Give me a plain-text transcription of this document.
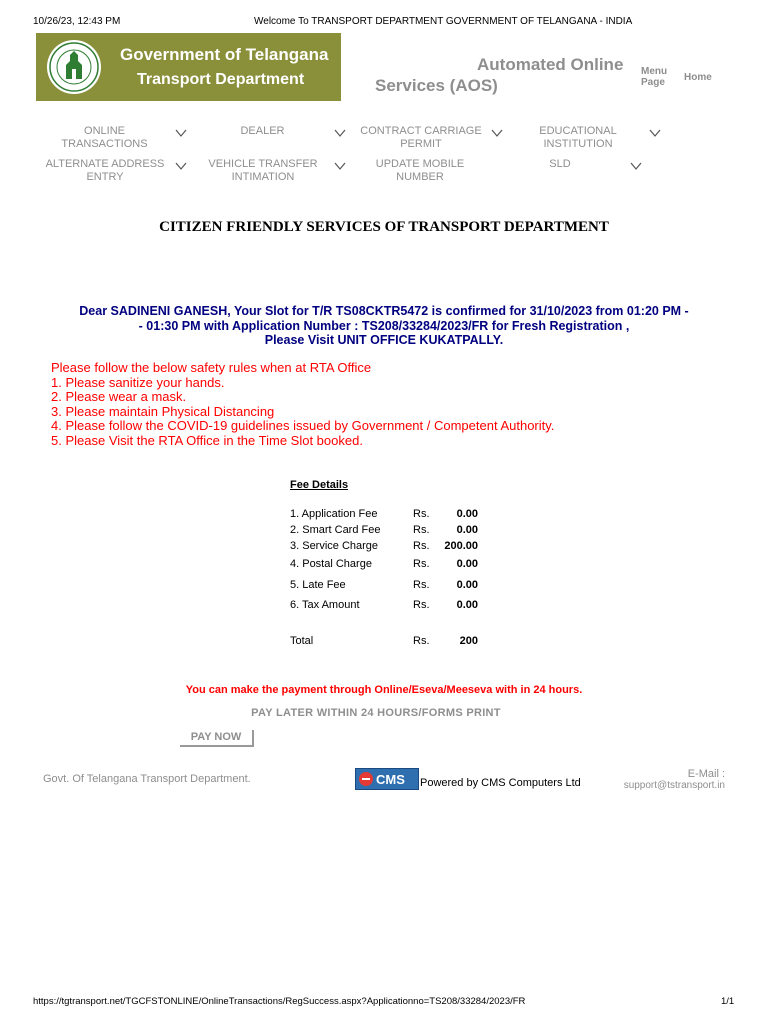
10/26/23, 12:43 PM	Welcome To TRANSPORT DEPARTMENT GOVERNMENT OF TELANGANA - INDIA
Government of Telangana
Transport Department
Automated Online
Services (AOS)
Menu
Page Home
ONLINE
TRANSACTIONS
DEALER	CONTRACT CARRIAGE
PERMIT
EDUCATIONAL
INSTITUTION
ALTERNATE ADDRESS
ENTRY
VEHICLE TRANSFER
INTIMATION
UPDATE MOBILE
NUMBER
SLD
CITIZEN FRIENDLY SERVICES OF TRANSPORT DEPARTMENT
Dear SADINENI GANESH, Your Slot for T/R TS08CKTR5472 is confirmed for 31/10/2023 from 01:20 PM -
- 01:30 PM with Application Number : TS208/33284/2023/FR for Fresh Registration ,
Please Visit UNIT OFFICE KUKATPALLY.
Please follow the below safety rules when at RTA Office
1. Please sanitize your hands.
2. Please wear a mask.
3. Please maintain Physical Distancing
4. Please follow the COVID-19 guidelines issued by Government / Competent Authority.
5. Please Visit the RTA Office in the Time Slot booked.
Fee Details
1. Application Fee	Rs. 0.00
2. Smart Card Fee	Rs. 0.00
3. Service Charge	Rs. 200.00
4. Postal Charge	Rs. 0.00
5. Late Fee	Rs. 0.00
6. Tax Amount	Rs. 0.00
Total	Rs.	200
You can make the payment through Online/Eseva/Meeseva with in 24 hours.
PAY LATER WITHIN 24 HOURS/FORMS PRINT
PAY NOW
Govt. Of Telangana Transport Department.	CMS Powered by CMS Computers Ltd
E-Mail :
support@tstransport.in
https://tgtransport.net/TGCFSTONLINE/OnlineTransactions/RegSuccess.aspx?Applicationno=TS208/33284/2023/FR	1/1
